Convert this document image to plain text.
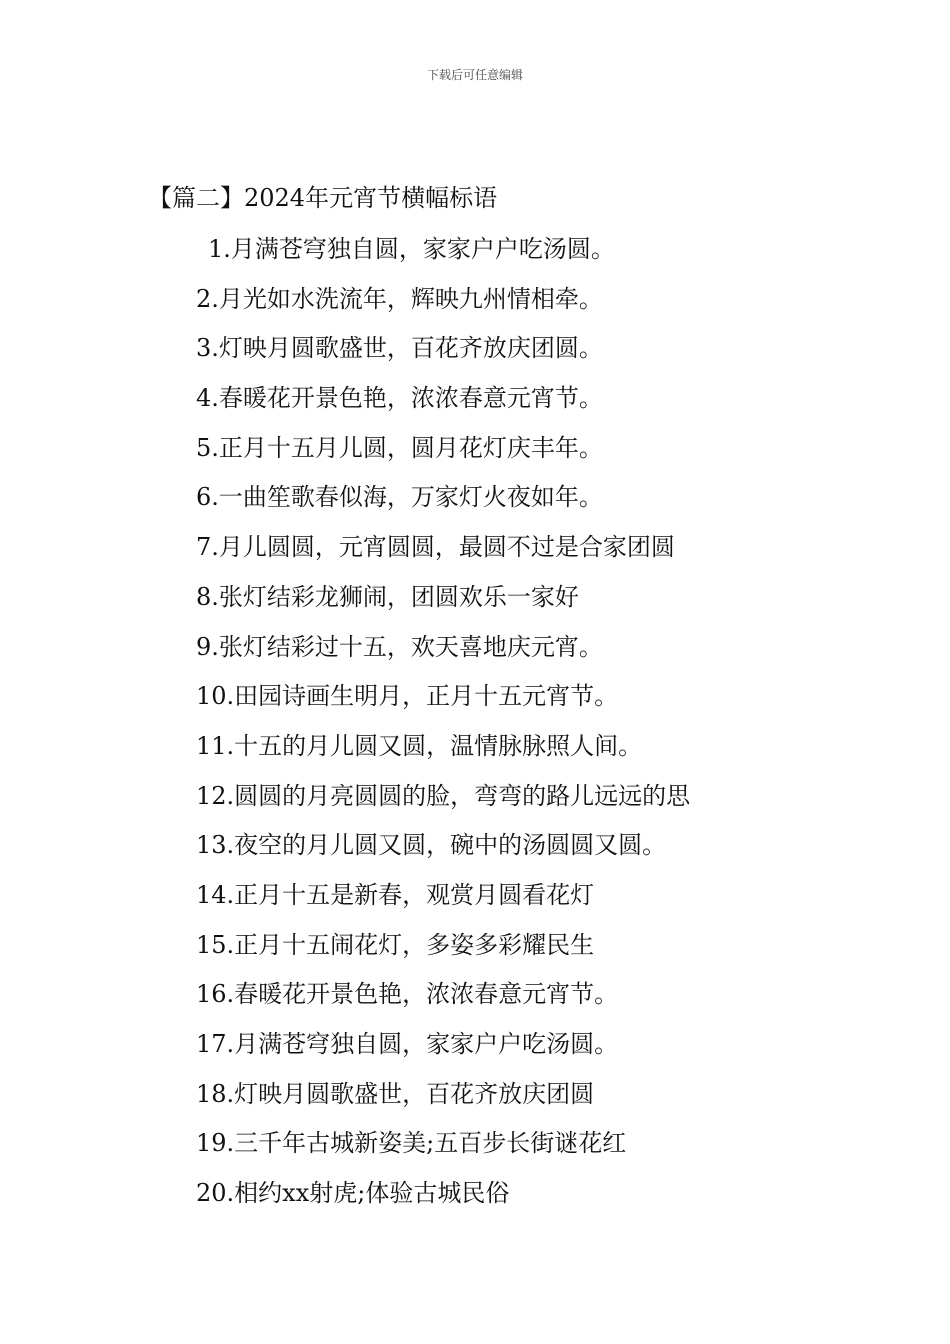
下载后可任意编辑
【篇二】2024年元宵节横幅标语
1.月满苍穹独自圆，家家户户吃汤圆。
2.月光如水洗流年，辉映九州情相牵。
3.灯映月圆歌盛世，百花齐放庆团圆。
4.春暖花开景色艳，浓浓春意元宵节。
5.正月十五月儿圆，圆月花灯庆丰年。
6.一曲笙歌春似海，万家灯火夜如年。
7.月儿圆圆，元宵圆圆，最圆不过是合家团圆
8.张灯结彩龙狮闹，团圆欢乐一家好
9.张灯结彩过十五，欢天喜地庆元宵。
10.田园诗画生明月，正月十五元宵节。
11.十五的月儿圆又圆，温情脉脉照人间。
12.圆圆的月亮圆圆的脸，弯弯的路儿远远的思
13.夜空的月儿圆又圆，碗中的汤圆圆又圆。
14.正月十五是新春，观赏月圆看花灯
15.正月十五闹花灯，多姿多彩耀民生
16.春暖花开景色艳，浓浓春意元宵节。
17.月满苍穹独自圆，家家户户吃汤圆。
18.灯映月圆歌盛世，百花齐放庆团圆
19.三千年古城新姿美;五百步长街谜花红
20.相约xx射虎;体验古城民俗
